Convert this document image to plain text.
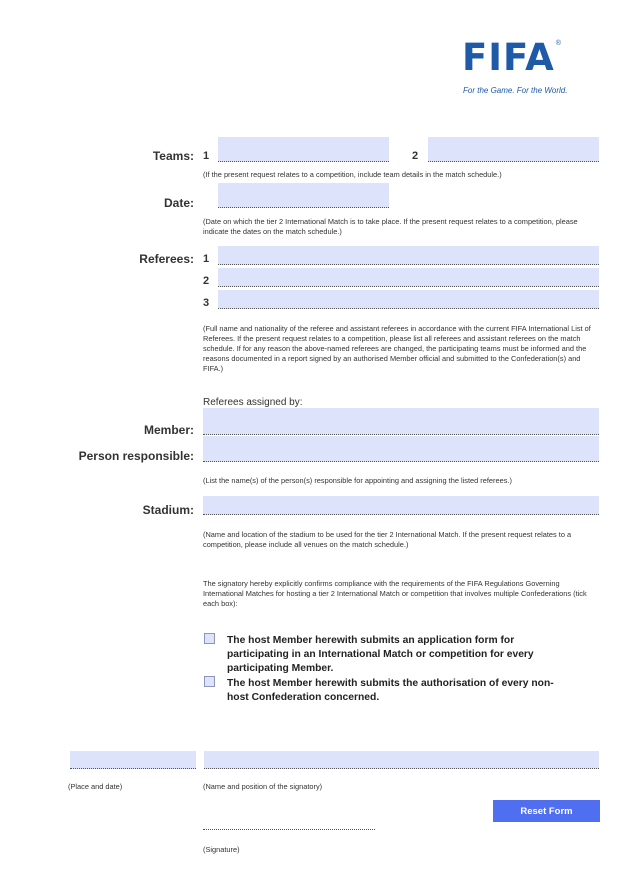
FIFA®
For the Game. For the World.
Teams: 1	2
(If the present request relates to a competition, include team details in the match schedule.)
Date:
(Date on which the tier 2 International Match is to take place. If the present request relates to a competition, please indicate the dates on the match schedule.)
Referees: 1
2
3
(Full name and nationality of the referee and assistant referees in accordance with the current FIFA International List of Referees. If the present request relates to a competition, please list all referees and assistant referees on the match schedule. If for any reason the above-named referees are changed, the participating teams must be informed and the reasons documented in a report signed by an authorised Member official and submitted to the Confederation(s) and FIFA.)
Referees assigned by:
Member:
Person responsible:
(List the name(s) of the person(s) responsible for appointing and assigning the listed referees.)
Stadium:
(Name and location of the stadium to be used for the tier 2 International Match. If the present request relates to a competition, please include all venues on the match schedule.)
The signatory hereby explicitly confirms compliance with the requirements of the FIFA Regulations Governing International Matches for hosting a tier 2 International Match or competition that involves multiple Confederations (tick each box):
The host Member herewith submits an application form for participating in an International Match or competition for every participating Member.
The host Member herewith submits the authorisation of every non-host Confederation concerned.
(Place and date)	(Name and position of the signatory)
Reset Form
(Signature)
